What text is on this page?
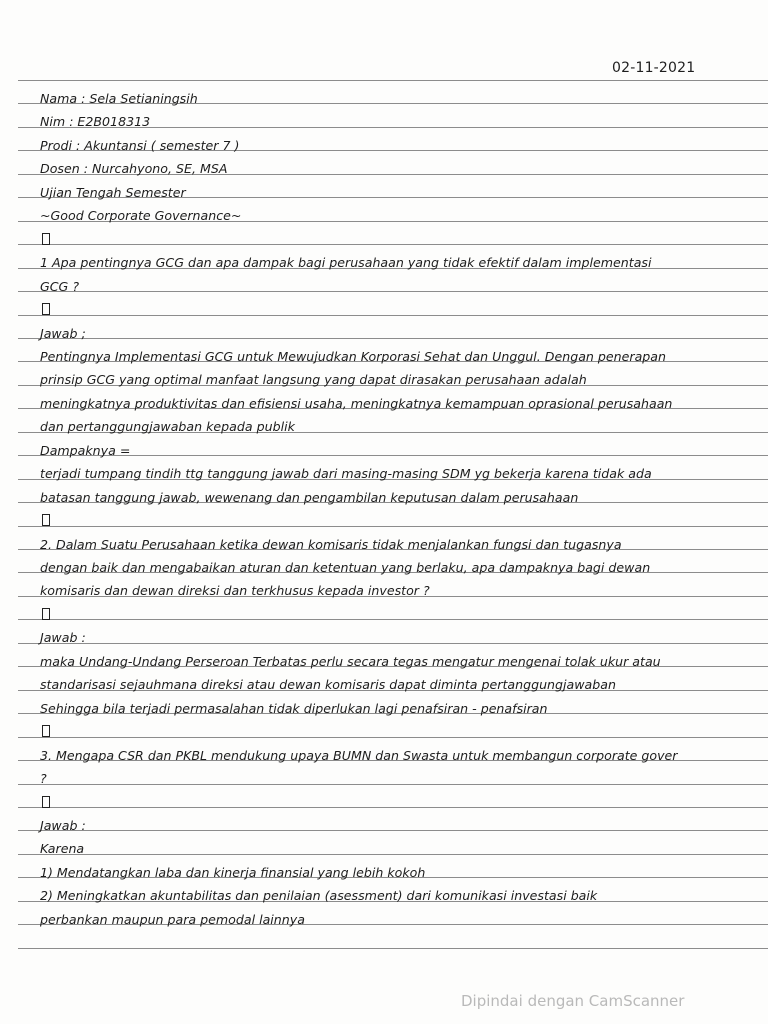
02-11-2021
Nama : Sela Setianingsih
Nim : E2B018313
Prodi : Akuntansi ( semester 7 )
Dosen : Nurcahyono, SE, MSA
Ujian Tengah Semester
~Good Corporate Governance~
1 Apa pentingnya GCG dan apa dampak bagi perusahaan yang tidak efektif dalam implementasi
GCG ?
Jawab ;
Pentingnya Implementasi GCG untuk Mewujudkan Korporasi Sehat dan Unggul. Dengan penerapan
prinsip GCG yang optimal manfaat langsung yang dapat dirasakan perusahaan adalah
meningkatnya produktivitas dan efisiensi usaha, meningkatnya kemampuan oprasional perusahaan
dan pertanggungjawaban kepada publik
Dampaknya =
terjadi tumpang tindih ttg tanggung jawab dari masing-masing SDM yg bekerja karena tidak ada
batasan tanggung jawab, wewenang dan pengambilan keputusan dalam perusahaan
2. Dalam Suatu Perusahaan ketika dewan komisaris tidak menjalankan fungsi dan tugasnya
dengan baik dan mengabaikan aturan dan ketentuan yang berlaku, apa dampaknya bagi dewan
komisaris dan dewan direksi dan terkhusus kepada investor ?
Jawab :
maka Undang-Undang Perseroan Terbatas perlu secara tegas mengatur mengenai tolak ukur atau
standarisasi sejauhmana direksi atau dewan komisaris dapat diminta pertanggungjawaban
Sehingga bila terjadi permasalahan tidak diperlukan lagi penafsiran - penafsiran
3. Mengapa CSR dan PKBL mendukung upaya BUMN dan Swasta untuk membangun corporate gover
?
Jawab :
Karena
1) Mendatangkan laba dan kinerja finansial yang lebih kokoh
2) Meningkatkan akuntabilitas dan penilaian (asessment) dari komunikasi investasi baik
perbankan maupun para pemodal lainnya
Dipindai dengan CamScanner
